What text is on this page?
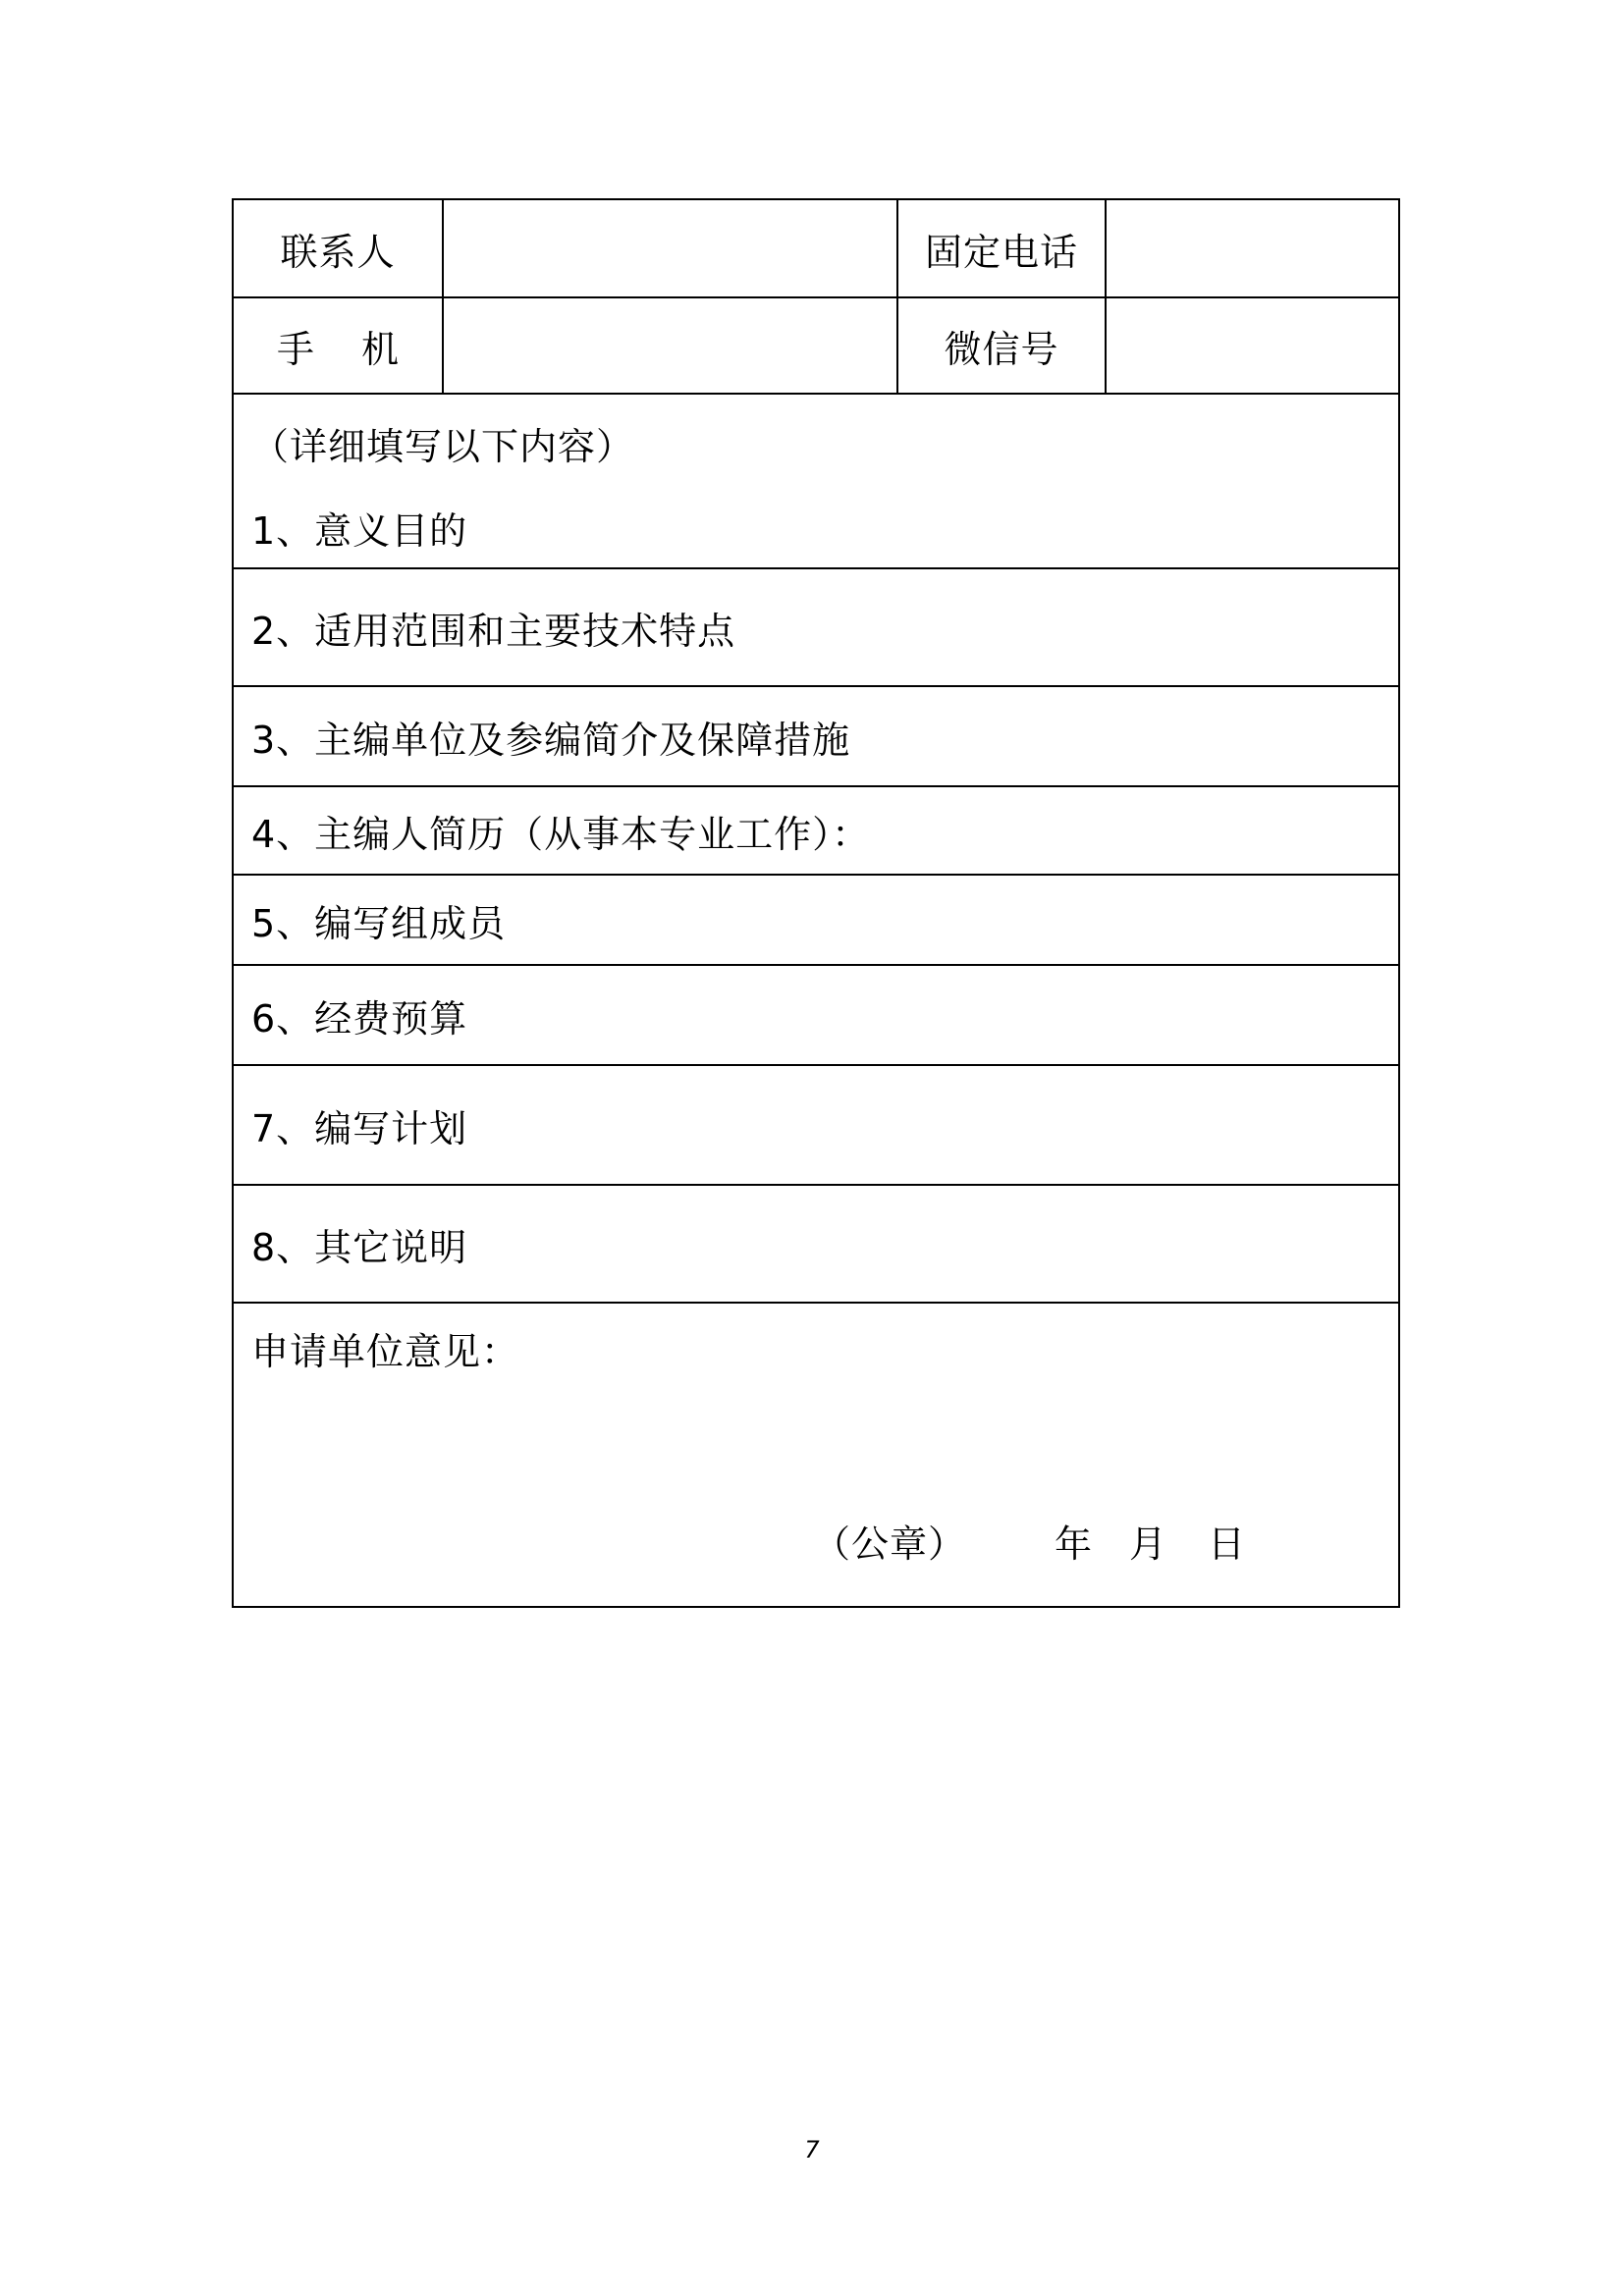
联系人	固定电话
手 机	微信号
（详细填写以下内容）
1、意义目的
2、适用范围和主要技术特点
3、主编单位及参编简介及保障措施
4、主编人简历（从事本专业工作）：
5、编写组成员
6、经费预算
7、编写计划
8、其它说明
申请单位意见：
（公章） 年 月 日
7
